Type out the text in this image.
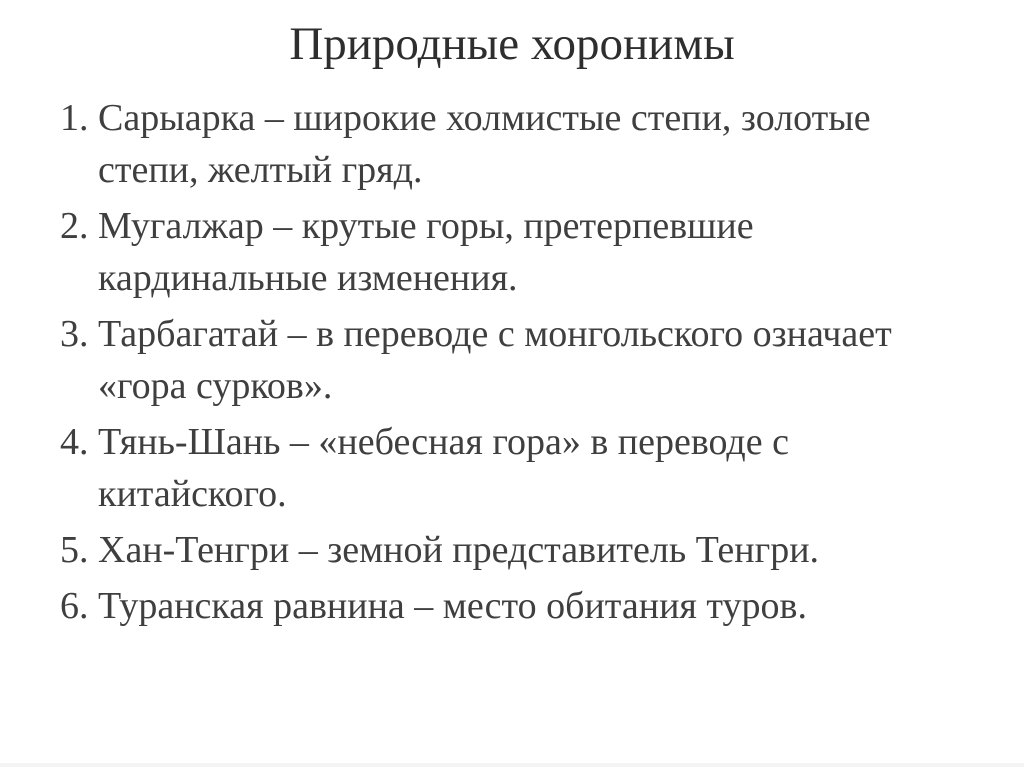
Природные хоронимы
1. Сарыарка – широкие холмистые степи, золотые степи, желтый гряд.
2. Мугалжар – крутые горы, претерпевшие кардинальные изменения.
3. Тарбагатай – в переводе с монгольского означает «гора сурков».
4. Тянь-Шань – «небесная гора» в переводе с китайского.
5. Хан-Тенгри – земной представитель Тенгри.
6. Туранская равнина – место обитания туров.
